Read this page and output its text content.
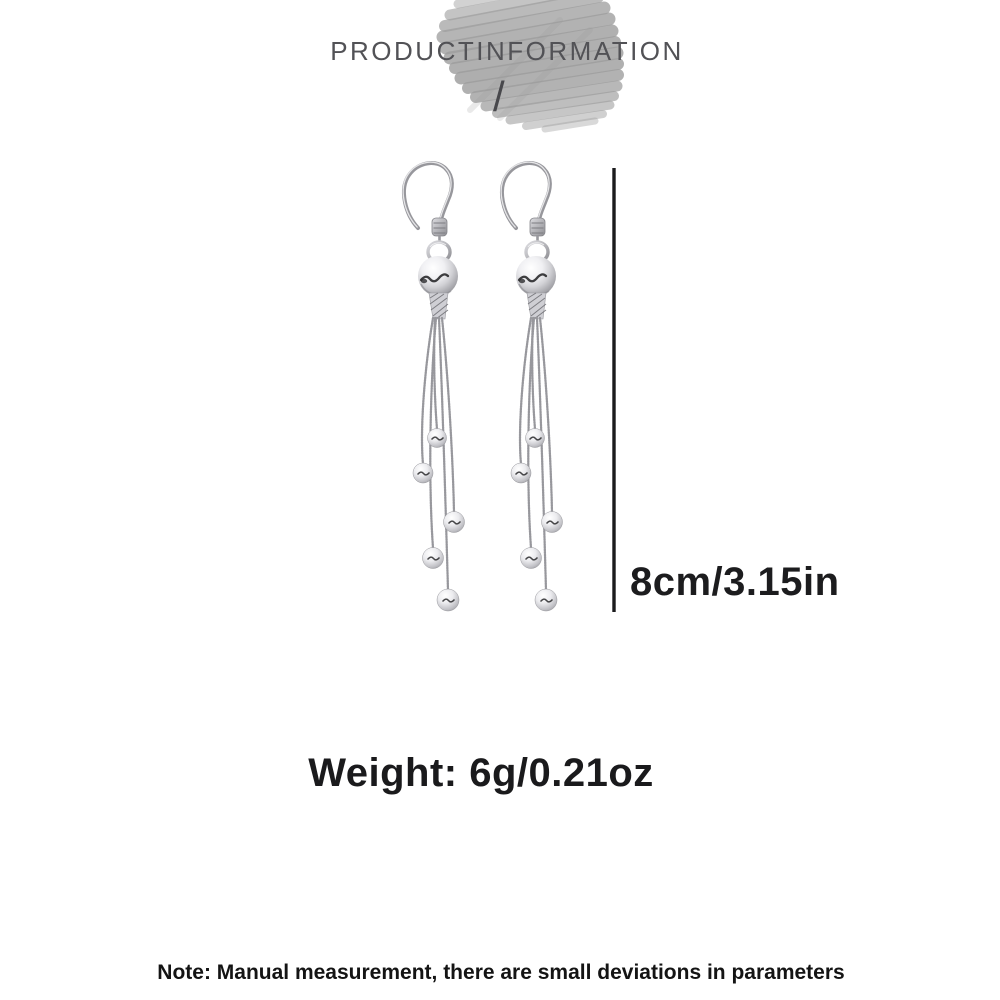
PRODUCTINFORMATION
/
8cm/3.15in
Weight: 6g/0.21oz
Note: Manual measurement, there are small deviations in parameters
